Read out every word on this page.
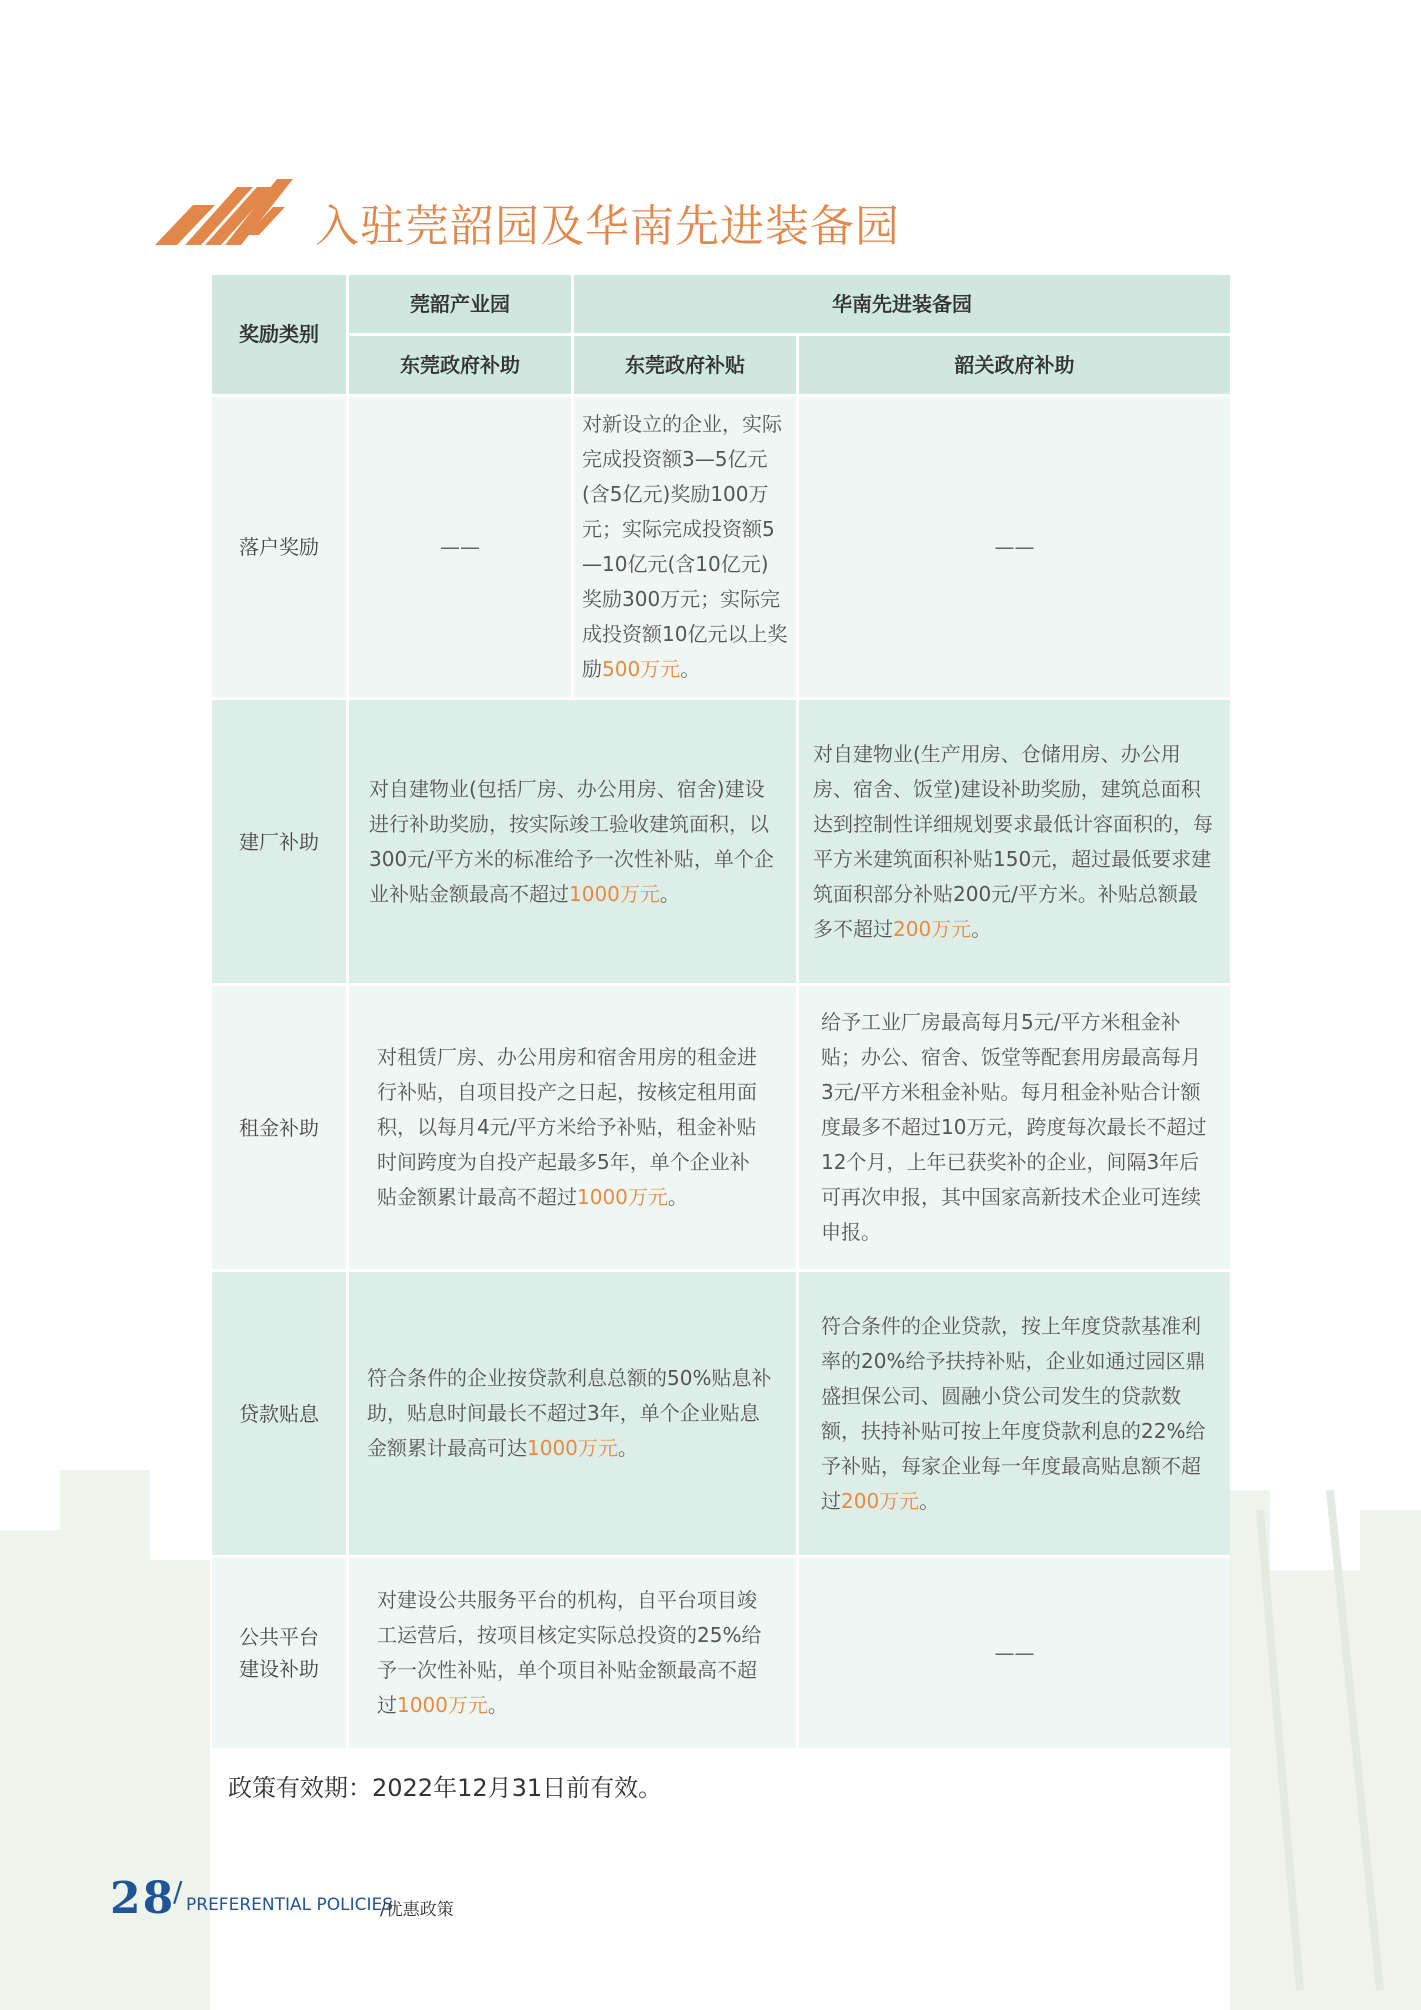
入驻莞韶园及华南先进装备园
奖励类别	莞韶产业园	华南先进装备园	
	东莞政府补助	东莞政府补贴	韶关政府补助
落户奖励	——	对新设立的企业，实际完成投资额3—5亿元(含5亿元)奖励100万元；实际完成投资额5—10亿元(含10亿元)奖励300万元；实际完成投资额10亿元以上奖励500万元。	——
建厂补助	对自建物业(包括厂房、办公用房、宿舍)建设进行补助奖励，按实际竣工验收建筑面积，以300元/平方米的标准给予一次性补贴，单个企业补贴金额最高不超过1000万元。		对自建物业(生产用房、仓储用房、办公用房、宿舍、饭堂)建设补助奖励，建筑总面积达到控制性详细规划要求最低计容面积的，每平方米建筑面积补贴150元，超过最低要求建筑面积部分补贴200元/平方米。补贴总额最多不超过200万元。
租金补助	对租赁厂房、办公用房和宿舍用房的租金进行补贴，自项目投产之日起，按核定租用面积，以每月4元/平方米给予补贴，租金补贴时间跨度为自投产起最多5年，单个企业补贴金额累计最高不超过1000万元。		给予工业厂房最高每月5元/平方米租金补贴；办公、宿舍、饭堂等配套用房最高每月3元/平方米租金补贴。每月租金补贴合计额度最多不超过10万元，跨度每次最长不超过12个月，上年已获奖补的企业，间隔3年后可再次申报，其中国家高新技术企业可连续申报。
贷款贴息	符合条件的企业按贷款利息总额的50%贴息补助，贴息时间最长不超过3年，单个企业贴息金额累计最高可达1000万元。		符合条件的企业贷款，按上年度贷款基准利率的20%给予扶持补贴，企业如通过园区鼎盛担保公司、圆融小贷公司发生的贷款数额，扶持补贴可按上年度贷款利息的22%给予补贴，每家企业每一年度最高贴息额不超过200万元。
公共平台
建设补助	对建设公共服务平台的机构，自平台项目竣工运营后，按项目核定实际总投资的25%给予一次性补贴，单个项目补贴金额最高不超过1000万元。		——
政策有效期：2022年12月31日前有效。
28
/ PREFERENTIAL POLICIES
/优惠政策
